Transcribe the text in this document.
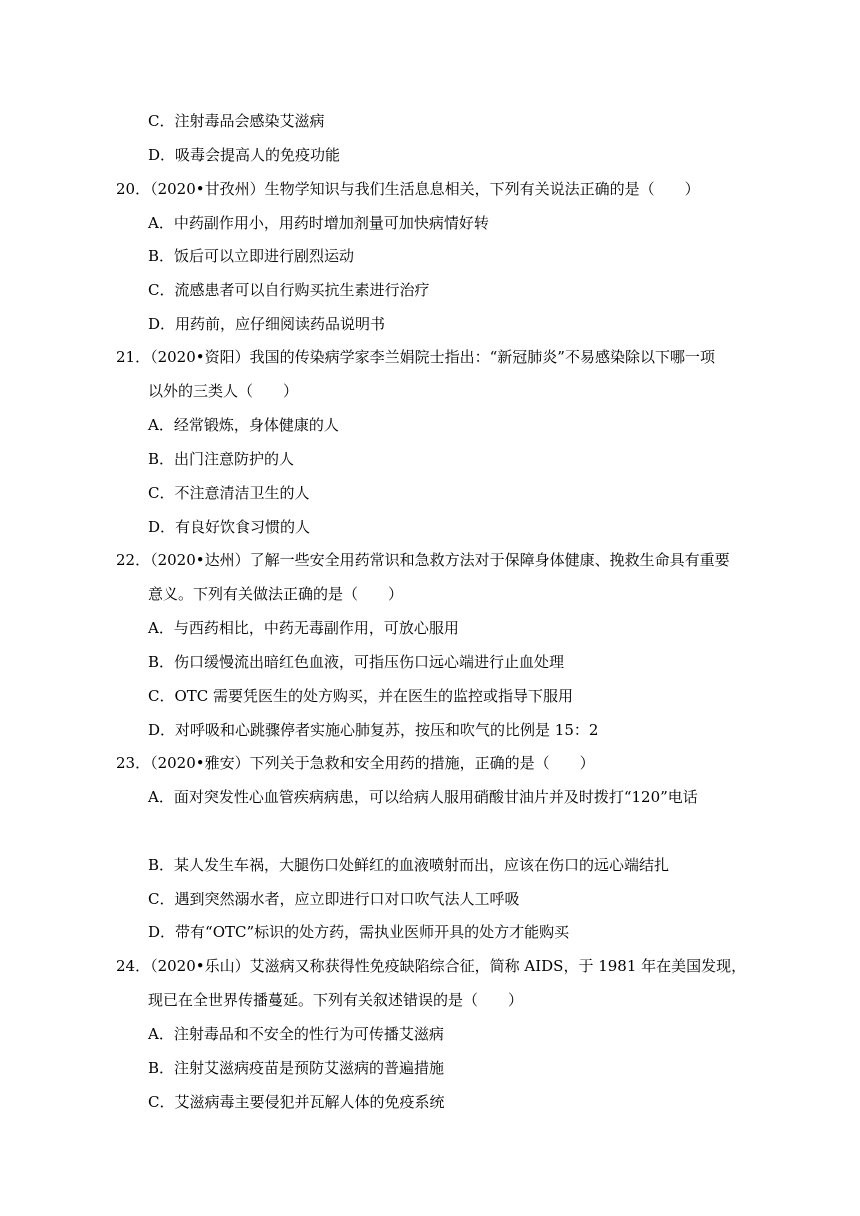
C．注射毒品会感染艾滋病
D．吸毒会提高人的免疫功能
20．（2020•甘孜州）生物学知识与我们生活息息相关，下列有关说法正确的是（　　）
A．中药副作用小，用药时增加剂量可加快病情好转
B．饭后可以立即进行剧烈运动
C．流感患者可以自行购买抗生素进行治疗
D．用药前，应仔细阅读药品说明书
21．（2020•资阳）我国的传染病学家李兰娟院士指出：“新冠肺炎”不易感染除以下哪一项
以外的三类人（　　）
A．经常锻炼，身体健康的人
B．出门注意防护的人
C．不注意清洁卫生的人
D．有良好饮食习惯的人
22．（2020•达州）了解一些安全用药常识和急救方法对于保障身体健康、挽救生命具有重要
意义。下列有关做法正确的是（　　）
A．与西药相比，中药无毒副作用，可放心服用
B．伤口缓慢流出暗红色血液，可指压伤口远心端进行止血处理
C．OTC 需要凭医生的处方购买，并在医生的监控或指导下服用
D．对呼吸和心跳骤停者实施心肺复苏，按压和吹气的比例是 15：2
23．（2020•雅安）下列关于急救和安全用药的措施，正确的是（　　）
A．面对突发性心血管疾病病患，可以给病人服用硝酸甘油片并及时拨打“120”电话
B．某人发生车祸，大腿伤口处鲜红的血液喷射而出，应该在伤口的远心端结扎
C．遇到突然溺水者，应立即进行口对口吹气法人工呼吸
D．带有“OTC”标识的处方药，需执业医师开具的处方才能购买
24．（2020•乐山）艾滋病又称获得性免疫缺陷综合征，简称 AIDS，于 1981 年在美国发现，
现已在全世界传播蔓延。下列有关叙述错误的是（　　）
A．注射毒品和不安全的性行为可传播艾滋病
B．注射艾滋病疫苗是预防艾滋病的普遍措施
C．艾滋病毒主要侵犯并瓦解人体的免疫系统
